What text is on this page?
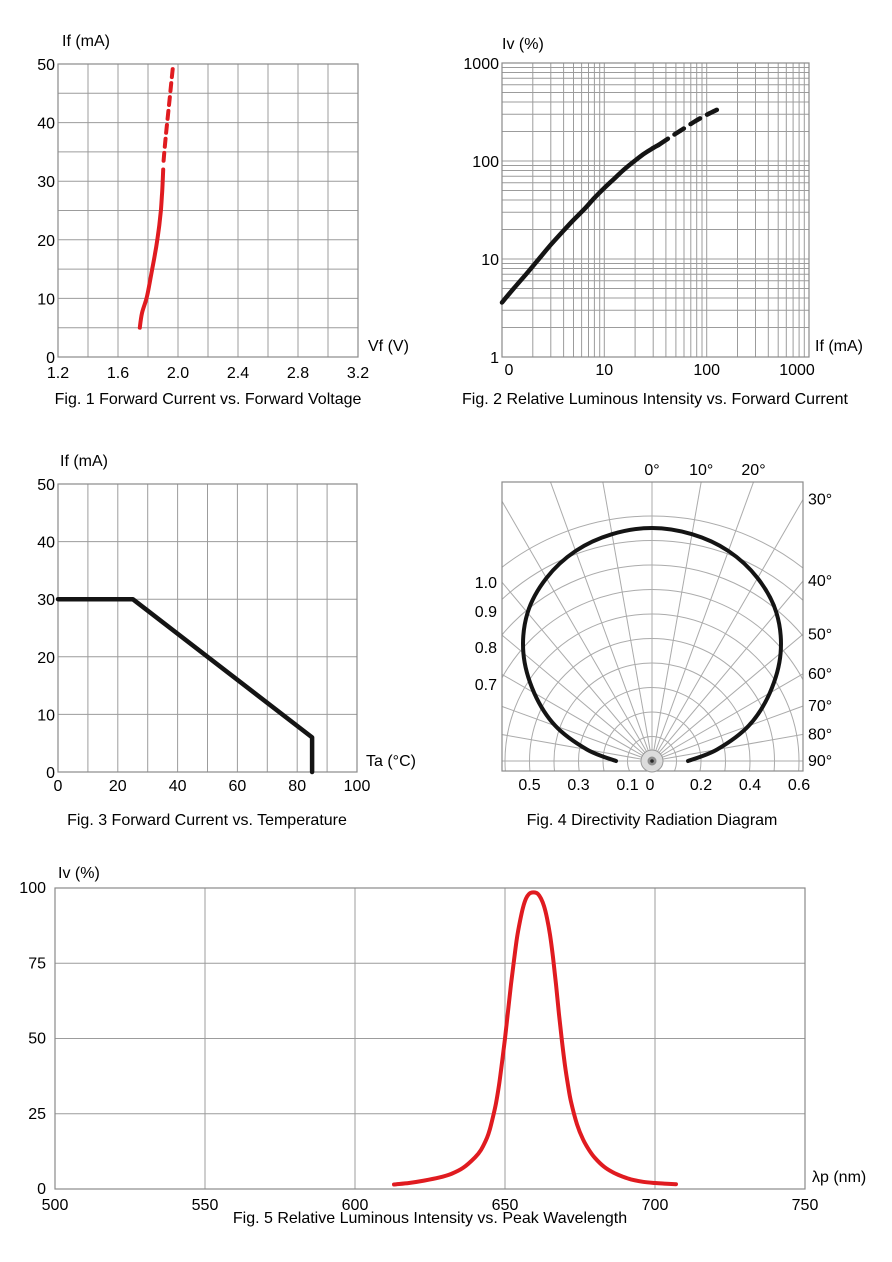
1.2 1.6 2.0 2.4 2.8 3.2
0
10
20
30
40
50
If (mA)
Vf (V)
0	10	100	1000
1
10
100
1000
Iv (%)
If (mA)
0	20	40	60	80 100
0
10
20
30
40
50
If (mA)
Ta (°C)
0° 10° 20°
30°
40°
50°
60°
70°
80°
90°
1.0
0.9
0.8
0.7
0.5 0.3 0.1 0 0.2 0.4 0.6
500	550	600	650	700	750
0
25
50
75
100
Iv (%)
λp (nm)
Fig. 1 Forward Current vs. Forward Voltage	Fig. 2 Relative Luminous Intensity vs. Forward Current
Fig. 3 Forward Current vs. Temperature	Fig. 4 Directivity Radiation Diagram
Fig. 5 Relative Luminous Intensity vs. Peak Wavelength
